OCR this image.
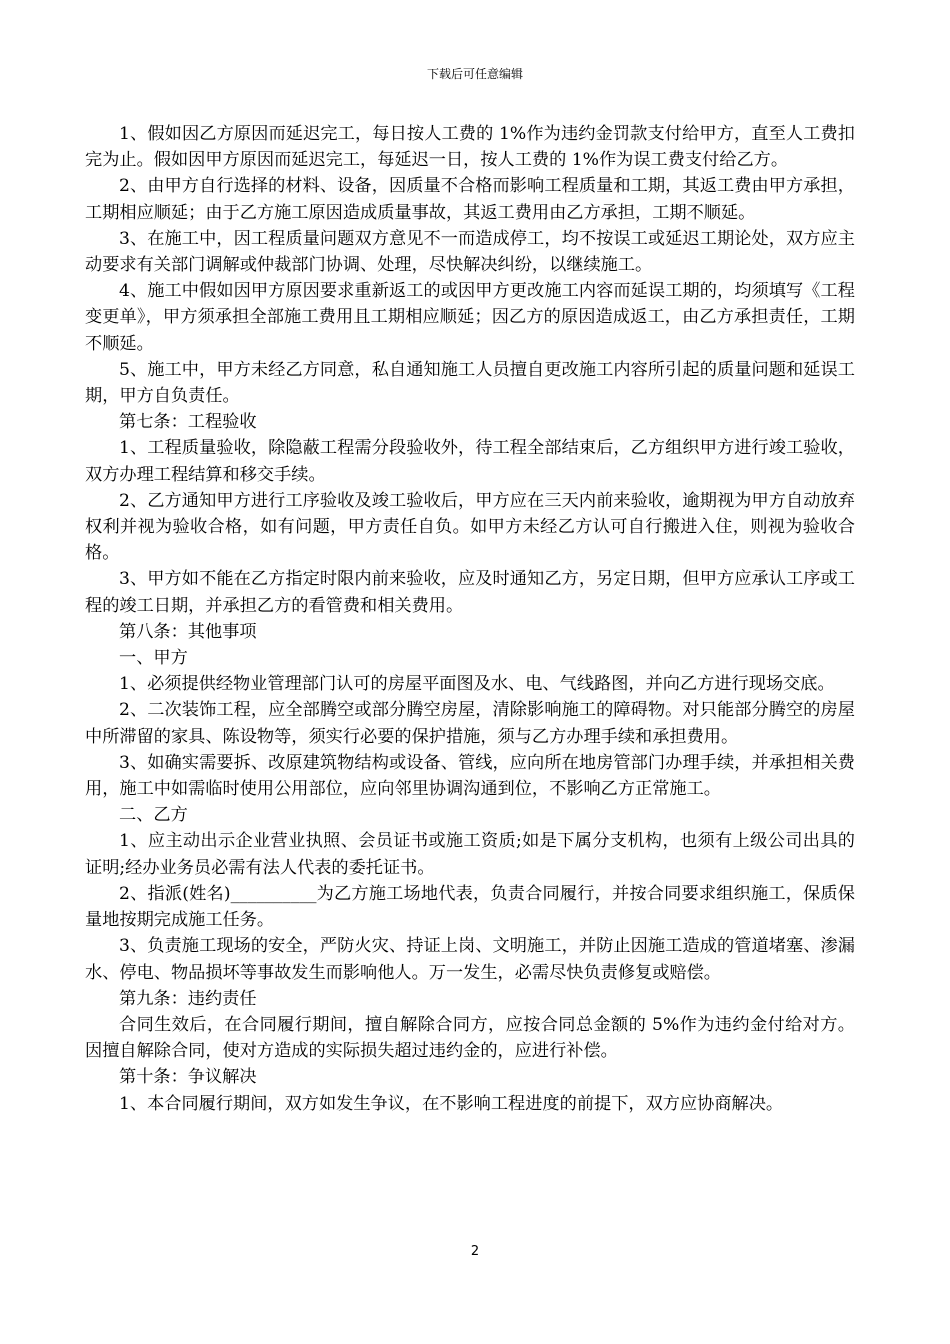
下载后可任意编辑

1、假如因乙方原因而延迟完工，每日按人工费的 1%作为违约金罚款支付给甲方，直至人工费扣完为止。假如因甲方原因而延迟完工，每延迟一日，按人工费的 1%作为误工费支付给乙方。

2、由甲方自行选择的材料、设备，因质量不合格而影响工程质量和工期，其返工费由甲方承担，工期相应顺延；由于乙方施工原因造成质量事故，其返工费用由乙方承担，工期不顺延。

3、在施工中，因工程质量问题双方意见不一而造成停工，均不按误工或延迟工期论处，双方应主动要求有关部门调解或仲裁部门协调、处理，尽快解决纠纷，以继续施工。

4、施工中假如因甲方原因要求重新返工的或因甲方更改施工内容而延误工期的，均须填写《工程变更单》，甲方须承担全部施工费用且工期相应顺延；因乙方的原因造成返工，由乙方承担责任，工期不顺延。

5、施工中，甲方未经乙方同意，私自通知施工人员擅自更改施工内容所引起的质量问题和延误工期，甲方自负责任。

第七条：工程验收

1、工程质量验收，除隐蔽工程需分段验收外，待工程全部结束后，乙方组织甲方进行竣工验收，双方办理工程结算和移交手续。

2、乙方通知甲方进行工序验收及竣工验收后，甲方应在三天内前来验收，逾期视为甲方自动放弃权利并视为验收合格，如有问题，甲方责任自负。如甲方未经乙方认可自行搬进入住，则视为验收合格。

3、甲方如不能在乙方指定时限内前来验收，应及时通知乙方，另定日期，但甲方应承认工序或工程的竣工日期，并承担乙方的看管费和相关费用。

第八条：其他事项

一、甲方

1、必须提供经物业管理部门认可的房屋平面图及水、电、气线路图，并向乙方进行现场交底。

2、二次装饰工程，应全部腾空或部分腾空房屋，清除影响施工的障碍物。对只能部分腾空的房屋中所滞留的家具、陈设物等，须实行必要的保护措施，须与乙方办理手续和承担费用。

3、如确实需要拆、改原建筑物结构或设备、管线，应向所在地房管部门办理手续，并承担相关费用，施工中如需临时使用公用部位，应向邻里协调沟通到位，不影响乙方正常施工。

二、乙方

1、应主动出示企业营业执照、会员证书或施工资质;如是下属分支机构，也须有上级公司出具的证明;经办业务员必需有法人代表的委托证书。

2、指派(姓名)__________为乙方施工场地代表，负责合同履行，并按合同要求组织施工，保质保量地按期完成施工任务。

3、负责施工现场的安全，严防火灾、持证上岗、文明施工，并防止因施工造成的管道堵塞、渗漏水、停电、物品损坏等事故发生而影响他人。万一发生，必需尽快负责修复或赔偿。

第九条：违约责任

合同生效后，在合同履行期间，擅自解除合同方，应按合同总金额的 5%作为违约金付给对方。因擅自解除合同，使对方造成的实际损失超过违约金的，应进行补偿。

第十条：争议解决

1、本合同履行期间，双方如发生争议，在不影响工程进度的前提下，双方应协商解决。

2
